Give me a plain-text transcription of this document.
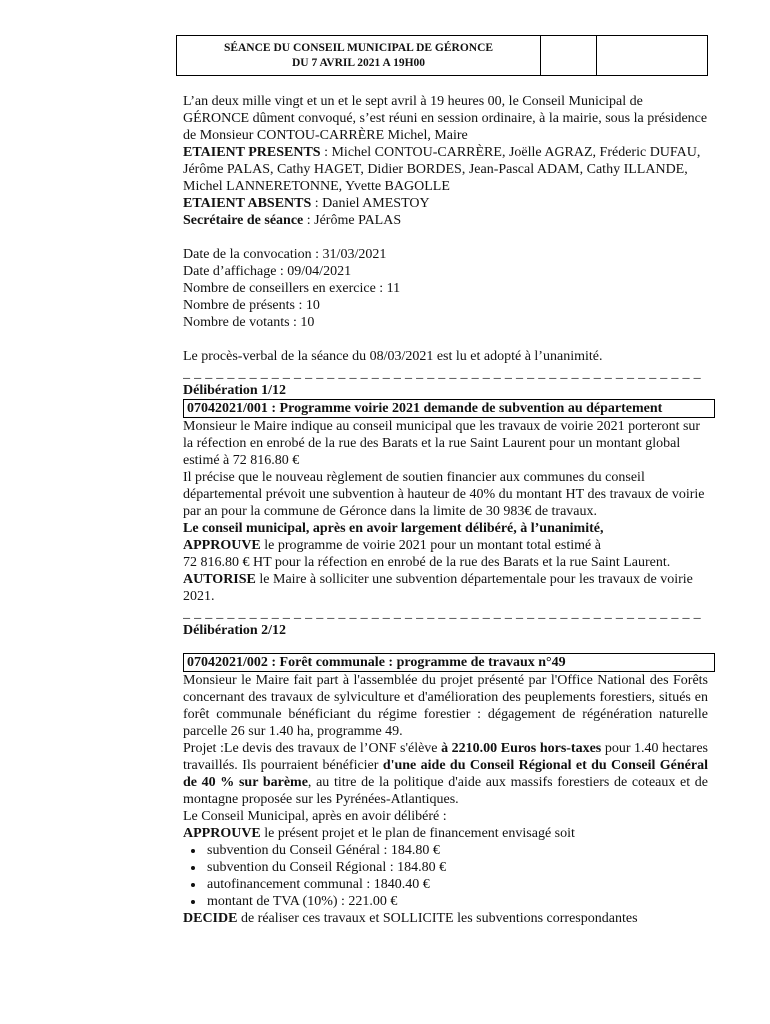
SÉANCE DU CONSEIL MUNICIPAL DE GÉRONCE
DU 7 AVRIL 2021 A 19H00

L’an deux mille vingt et un et le sept avril à 19 heures 00, le Conseil Municipal de GÉRONCE dûment convoqué, s’est réuni en session ordinaire, à la mairie, sous la présidence de Monsieur CONTOU-CARRÈRE Michel, Maire

ETAIENT PRESENTS : Michel CONTOU-CARRÈRE, Joëlle AGRAZ, Fréderic DUFAU, Jérôme PALAS, Cathy HAGET, Didier BORDES, Jean-Pascal ADAM, Cathy ILLANDE, Michel LANNERETONNE, Yvette BAGOLLE

ETAIENT ABSENTS : Daniel AMESTOY

Secrétaire de séance : Jérôme PALAS

Date de la convocation : 31/03/2021

Date d’affichage : 09/04/2021

Nombre de conseillers en exercice : 11

Nombre de présents : 10

Nombre de votants : 10

Le procès-verbal de la séance du 08/03/2021 est lu et adopté à l’unanimité.

_ _ _ _ _ _ _ _ _ _ _ _ _ _ _ _ _ _ _ _ _ _ _ _ _ _ _ _ _ _ _ _ _ _ _ _ _ _ _ _ _ _ _ _ _ _ _

Délibération 1/12

07042021/001 : Programme voirie 2021 demande de subvention au département

Monsieur le Maire indique au conseil municipal que les travaux de voirie 2021 porteront sur la réfection en enrobé de la rue des Barats et la rue Saint Laurent pour un montant global estimé à 72 816.80 €

Il précise que le nouveau règlement de soutien financier aux communes du conseil départemental prévoit une subvention à hauteur de 40% du montant HT des travaux de voirie par an pour la commune de Géronce dans la limite de 30 983€ de travaux.

Le conseil municipal, après en avoir largement délibéré, à l’unanimité,

APPROUVE le programme de voirie 2021 pour un montant total estimé à

72 816.80 € HT pour la réfection en enrobé de la rue des Barats et la rue Saint Laurent.

AUTORISE le Maire à solliciter une subvention départementale pour les travaux de voirie 2021.

_ _ _ _ _ _ _ _ _ _ _ _ _ _ _ _ _ _ _ _ _ _ _ _ _ _ _ _ _ _ _ _ _ _ _ _ _ _ _ _ _ _ _ _ _ _ _

Délibération 2/12

07042021/002 : Forêt communale : programme de travaux n°49

Monsieur le Maire fait part à l'assemblée du projet présenté par l'Office National des Forêts concernant des travaux de sylviculture et d'amélioration des peuplements forestiers, situés en forêt communale bénéficiant du régime forestier : dégagement de régénération naturelle parcelle 26 sur 1.40 ha, programme 49.

Projet :Le devis des travaux de l’ONF s'élève à 2210.00 Euros hors-taxes pour 1.40 hectares travaillés. Ils pourraient bénéficier d'une aide du Conseil Régional et du Conseil Général de 40 % sur barème, au titre de la politique d'aide aux massifs forestiers de coteaux et de montagne proposée sur les Pyrénées-Atlantiques.

Le Conseil Municipal, après en avoir délibéré :

APPROUVE le présent projet et le plan de financement envisagé soit

• subvention du Conseil Général : 184.80 €
• subvention du Conseil Régional : 184.80 €
• autofinancement communal : 1840.40 €
• montant de TVA (10%) : 221.00 €

DECIDE de réaliser ces travaux et SOLLICITE les subventions correspondantes
